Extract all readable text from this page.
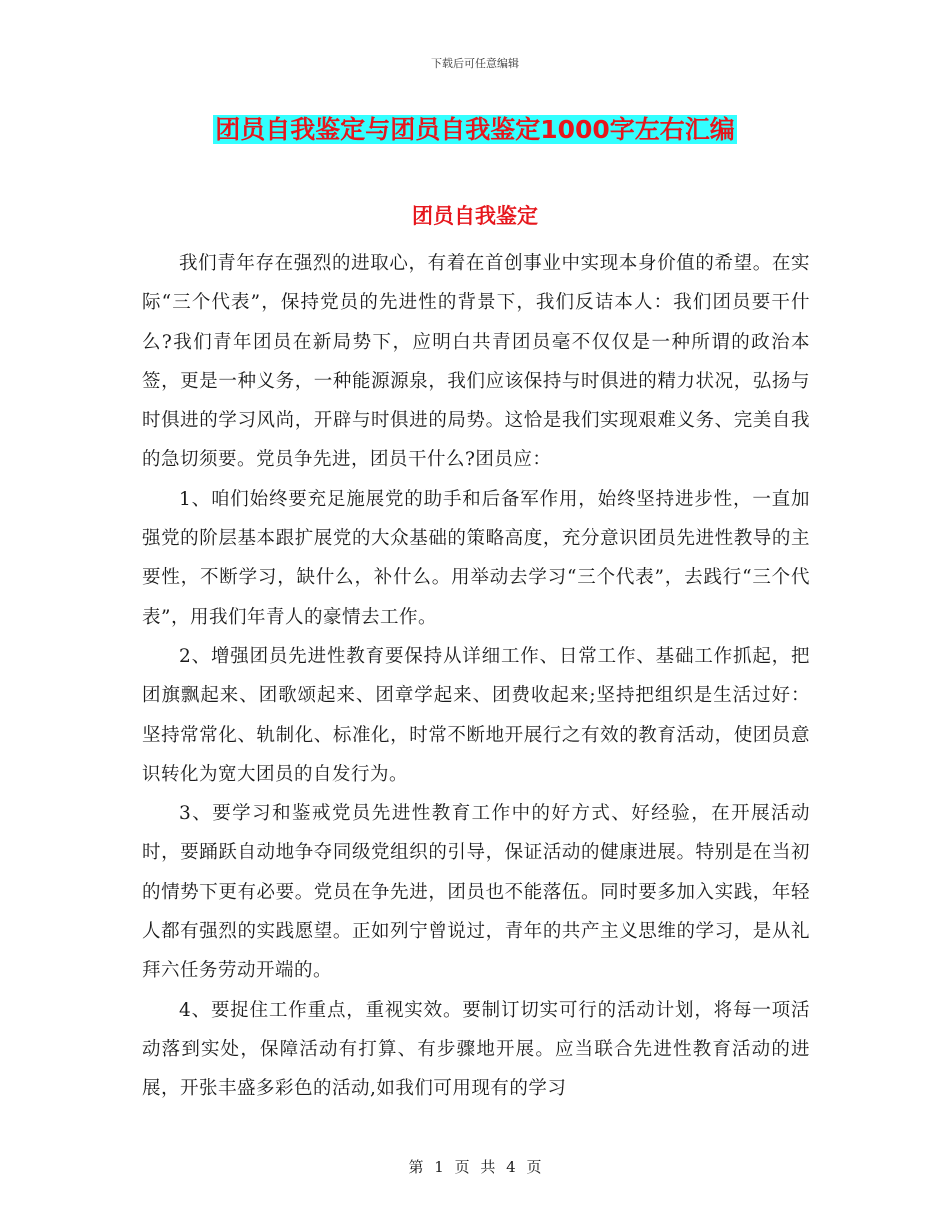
下载后可任意编辑
团员自我鉴定与团员自我鉴定1000字左右汇编
团员自我鉴定

我们青年存在强烈的进取心，有着在首创事业中实现本身价值的希望。在实际“三个代表”，保持党员的先进性的背景下，我们反诘本人：我们团员要干什么?我们青年团员在新局势下，应明白共青团员毫不仅仅是一种所谓的政治本签，更是一种义务，一种能源源泉，我们应该保持与时俱进的精力状况，弘扬与时俱进的学习风尚，开辟与时俱进的局势。这恰是我们实现艰难义务、完美自我的急切须要。党员争先进，团员干什么?团员应：

1、咱们始终要充足施展党的助手和后备军作用，始终坚持进步性，一直加强党的阶层基本跟扩展党的大众基础的策略高度，充分意识团员先进性教导的主要性，不断学习，缺什么，补什么。用举动去学习“三个代表”，去践行“三个代表”，用我们年青人的豪情去工作。

2、增强团员先进性教育要保持从详细工作、日常工作、基础工作抓起，把团旗飘起来、团歌颂起来、团章学起来、团费收起来;坚持把组织是生活过好：坚持常常化、轨制化、标准化，时常不断地开展行之有效的教育活动，使团员意识转化为宽大团员的自发行为。

3、要学习和鉴戒党员先进性教育工作中的好方式、好经验，在开展活动时，要踊跃自动地争夺同级党组织的引导，保证活动的健康进展。特别是在当初的情势下更有必要。党员在争先进，团员也不能落伍。同时要多加入实践，年轻人都有强烈的实践愿望。正如列宁曾说过，青年的共产主义思维的学习，是从礼拜六任务劳动开端的。

4、要捉住工作重点，重视实效。要制订切实可行的活动计划，将每一项活动落到实处，保障活动有打算、有步骤地开展。应当联合先进性教育活动的进展，开张丰盛多彩色的活动,如我们可用现有的学习

第 1 页 共 4 页
